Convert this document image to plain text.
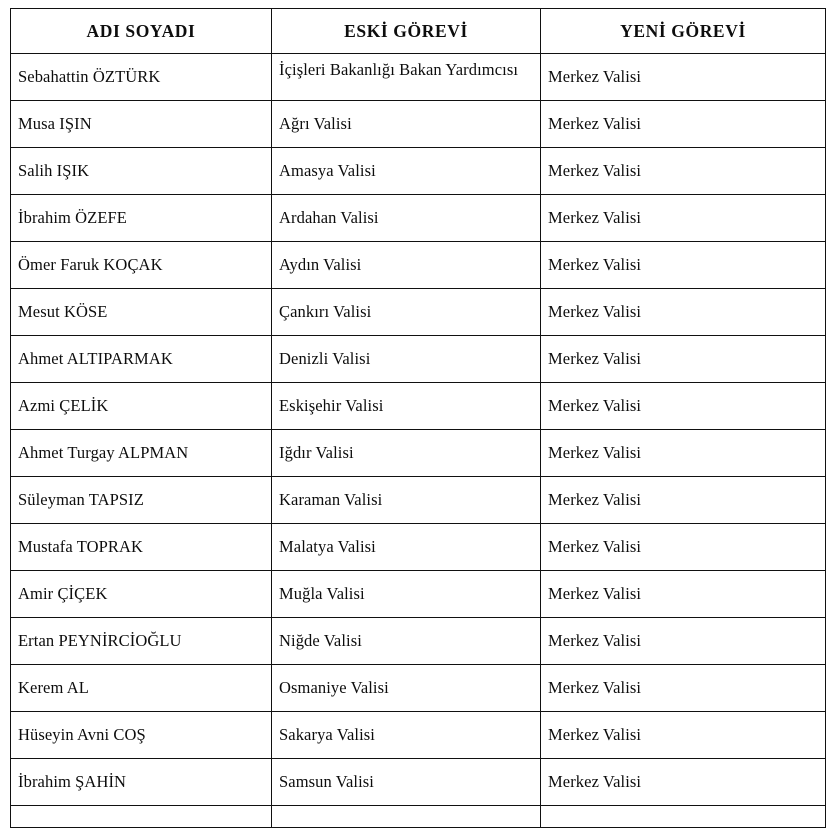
ADI SOYADI	ESKİ GÖREVİ	YENİ GÖREVİ
Sebahattin ÖZTÜRK	İçişleri Bakanlığı Bakan Yardımcısı	Merkez Valisi
Musa IŞIN	Ağrı Valisi	Merkez Valisi
Salih IŞIK	Amasya Valisi	Merkez Valisi
İbrahim ÖZEFE	Ardahan Valisi	Merkez Valisi
Ömer Faruk KOÇAK	Aydın Valisi	Merkez Valisi
Mesut KÖSE	Çankırı Valisi	Merkez Valisi
Ahmet ALTIPARMAK	Denizli Valisi	Merkez Valisi
Azmi ÇELİK	Eskişehir Valisi	Merkez Valisi
Ahmet Turgay ALPMAN	Iğdır Valisi	Merkez Valisi
Süleyman TAPSIZ	Karaman Valisi	Merkez Valisi
Mustafa TOPRAK	Malatya Valisi	Merkez Valisi
Amir ÇİÇEK	Muğla Valisi	Merkez Valisi
Ertan PEYNİRCİOĞLU	Niğde Valisi	Merkez Valisi
Kerem AL	Osmaniye Valisi	Merkez Valisi
Hüseyin Avni COŞ	Sakarya Valisi	Merkez Valisi
İbrahim ŞAHİN	Samsun Valisi	Merkez Valisi
